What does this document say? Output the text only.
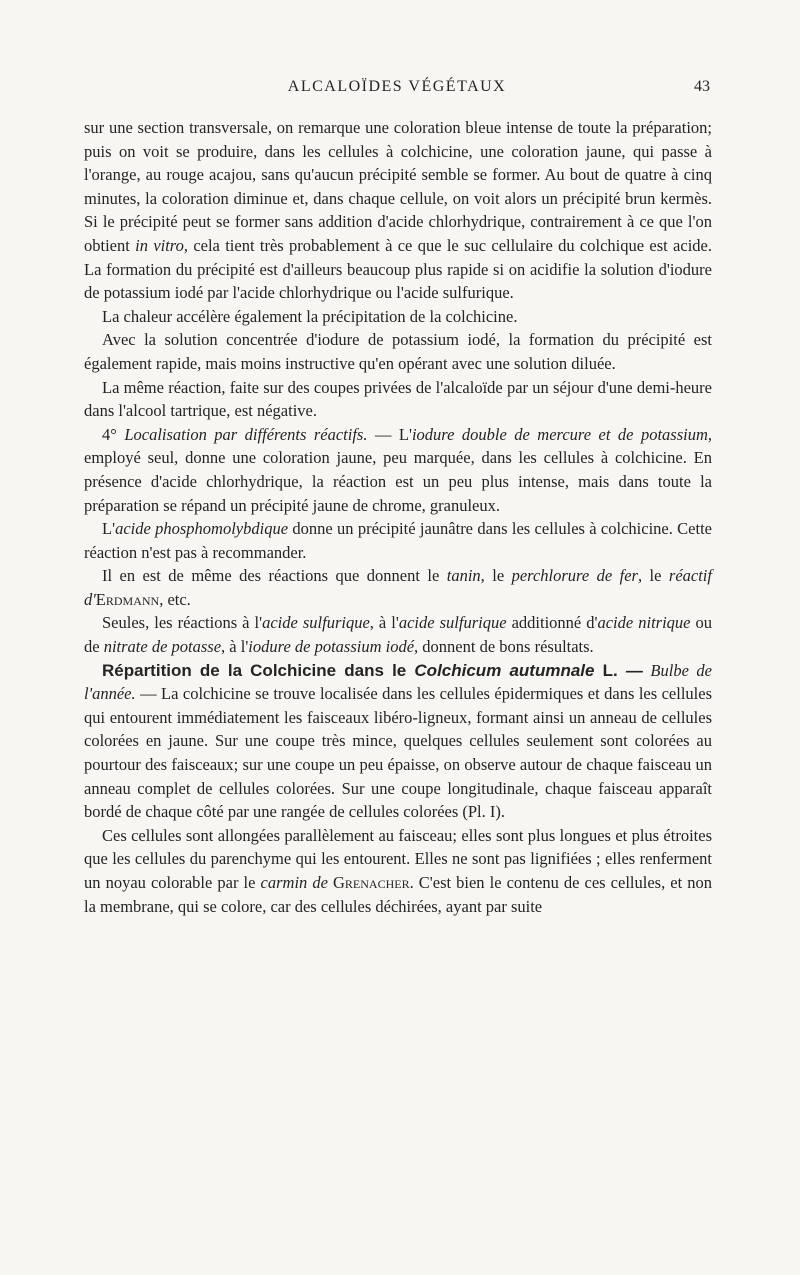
ALCALOÏDES VÉGÉTAUX	43

sur une section transversale, on remarque une coloration bleue intense de toute la préparation; puis on voit se produire, dans les cellules à colchicine, une coloration jaune, qui passe à l'orange, au rouge acajou, sans qu'aucun précipité semble se former. Au bout de quatre à cinq minutes, la coloration diminue et, dans chaque cellule, on voit alors un précipité brun kermès. Si le précipité peut se former sans addition d'acide chlorhydrique, contrairement à ce que l'on obtient in vitro, cela tient très probablement à ce que le suc cellulaire du colchique est acide. La formation du précipité est d'ailleurs beaucoup plus rapide si on acidifie la solution d'iodure de potassium iodé par l'acide chlorhydrique ou l'acide sulfurique.

La chaleur accélère également la précipitation de la colchicine.

Avec la solution concentrée d'iodure de potassium iodé, la formation du précipité est également rapide, mais moins instructive qu'en opérant avec une solution diluée.

La même réaction, faite sur des coupes privées de l'alcaloïde par un séjour d'une demi-heure dans l'alcool tartrique, est négative.

4° Localisation par différents réactifs. — L'iodure double de mercure et de potassium, employé seul, donne une coloration jaune, peu marquée, dans les cellules à colchicine. En présence d'acide chlorhydrique, la réaction est un peu plus intense, mais dans toute la préparation se répand un précipité jaune de chrome, granuleux.

L'acide phosphomolybdique donne un précipité jaunâtre dans les cellules à colchicine. Cette réaction n'est pas à recommander.

Il en est de même des réactions que donnent le tanin, le perchlorure de fer, le réactif d'Erdmann, etc.

Seules, les réactions à l'acide sulfurique, à l'acide sulfurique additionné d'acide nitrique ou de nitrate de potasse, à l'iodure de potassium iodé, donnent de bons résultats.

Répartition de la Colchicine dans le Colchicum autumnale L. — Bulbe de l'année. — La colchicine se trouve localisée dans les cellules épidermiques et dans les cellules qui entourent immédiatement les faisceaux libéro-ligneux, formant ainsi un anneau de cellules colorées en jaune. Sur une coupe très mince, quelques cellules seulement sont colorées au pourtour des faisceaux; sur une coupe un peu épaisse, on observe autour de chaque faisceau un anneau complet de cellules colorées. Sur une coupe longitudinale, chaque faisceau apparaît bordé de chaque côté par une rangée de cellules colorées (Pl. I).

Ces cellules sont allongées parallèlement au faisceau; elles sont plus longues et plus étroites que les cellules du parenchyme qui les entourent. Elles ne sont pas lignifiées ; elles renferment un noyau colorable par le carmin de Grenacher. C'est bien le contenu de ces cellules, et non la membrane, qui se colore, car des cellules déchirées, ayant par suite
